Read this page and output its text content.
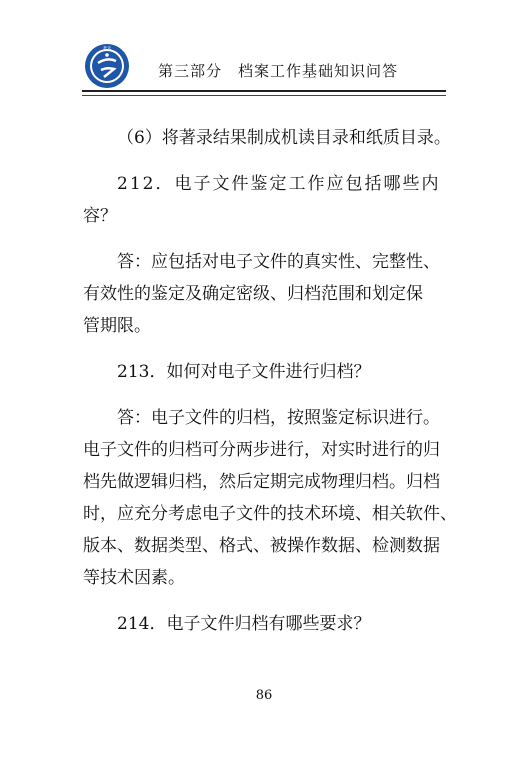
著录
第三部分　档案工作基础知识问答

（6）将著录结果制成机读目录和纸质目录。

212．电子文件鉴定工作应包括哪些内

容？

答：应包括对电子文件的真实性、完整性、
有效性的鉴定及确定密级、归档范围和划定保
管期限。

213．如何对电子文件进行归档？

答：电子文件的归档，按照鉴定标识进行。
电子文件的归档可分两步进行，对实时进行的归
档先做逻辑归档，然后定期完成物理归档。归档
时，应充分考虑电子文件的技术环境、相关软件、
版本、数据类型、格式、被操作数据、检测数据
等技术因素。

214．电子文件归档有哪些要求？

86
